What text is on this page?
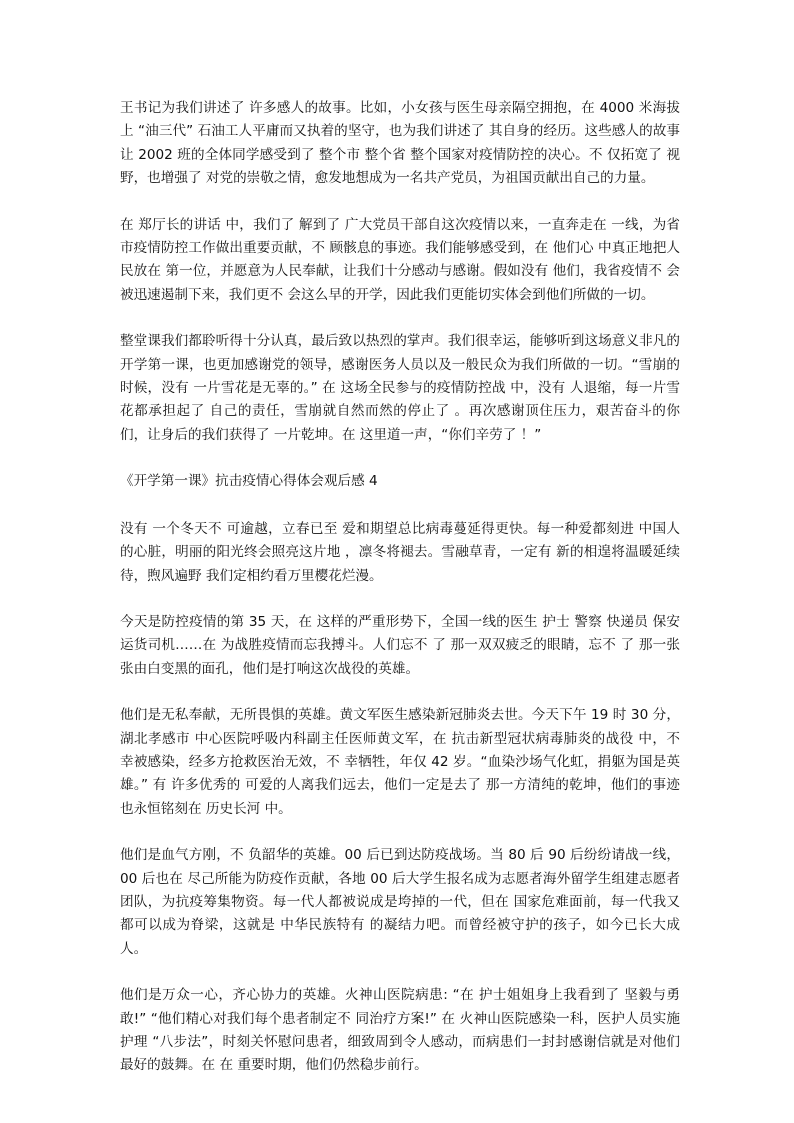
王书记为我们讲述了 许多感人的故事。比如，小女孩与医生母亲隔空拥抱，在 4000 米海拔上 “油三代” 石油工人平庸而又执着的坚守，也为我们讲述了 其自身的经历。这些感人的故事让 2002 班的全体同学感受到了 整个市 整个省 整个国家对疫情防控的决心。不 仅拓宽了 视野，也增强了 对党的崇敬之情，愈发地想成为一名共产党员，为祖国贡献出自己的力量。

在 郑厅长的讲话 中，我们了 解到了 广大党员干部自这次疫情以来，一直奔走在 一线，为省市疫情防控工作做出重要贡献，不 顾骸息的事迹。我们能够感受到，在 他们心 中真正地把人民放在 第一位，并愿意为人民奉献，让我们十分感动与感谢。假如没有 他们，我省疫情不 会被迅速遏制下来，我们更不 会这么早的开学，因此我们更能切实体会到他们所做的一切。

整堂课我们都聆听得十分认真，最后致以热烈的掌声。我们很幸运，能够听到这场意义非凡的开学第一课，也更加感谢党的领导，感谢医务人员以及一般民众为我们所做的一切。“雪崩的时候，没有 一片雪花是无辜的。” 在 这场全民参与的疫情防控战 中，没有 人退缩，每一片雪花都承担起了 自己的责任，雪崩就自然而然的停止了 。再次感谢顶住压力，艰苦奋斗的你们，让身后的我们获得了 一片乾坤。在 这里道一声，“你们辛劳了 ！”

《开学第一课》抗击疫情心得体会观后感 4

没有 一个冬天不 可逾越，立春已至 爱和期望总比病毒蔓延得更快。每一种爱都刻进 中国人的心脏，明丽的阳光终会照亮这片地 ，凛冬将褪去。雪融草青，一定有 新的相遑将温暖延续待，煦风遍野 我们定相约看万里樱花烂漫。

今天是防控疫情的第 35 天，在 这样的严重形势下，全国一线的医生 护士 警察 快递员 保安 运货司机……在 为战胜疫情而忘我搏斗。人们忘不 了 那一双双疲乏的眼睛，忘不 了 那一张张由白变黑的面孔，他们是打响这次战役的英雄。

他们是无私奉献，无所畏惧的英雄。黄文军医生感染新冠肺炎去世。今天下午 19 时 30 分，湖北孝感市 中心医院呼吸内科副主任医师黄文军，在 抗击新型冠状病毒肺炎的战役 中，不 幸被感染，经多方抢救医治无效，不 幸牺牲，年仅 42 岁。“血染沙场气化虹，捐躯为国是英雄。” 有 许多优秀的 可爱的人离我们远去，他们一定是去了 那一方清纯的乾坤，他们的事迹也永恒铭刻在 历史长河 中。

他们是血气方刚，不 负韶华的英雄。00 后已到达防疫战场。当 80 后 90 后纷纷请战一线，00 后也在 尽己所能为防疫作贡献，各地 00 后大学生报名成为志愿者海外留学生组建志愿者团队，为抗疫筹集物资。每一代人都被说成是垮掉的一代，但在 国家危难面前，每一代我又都可以成为脊梁，这就是 中华民族特有 的凝结力吧。而曾经被守护的孩子，如今已长大成人。

他们是万众一心，齐心协力的英雄。火神山医院病患: “在 护士姐姐身上我看到了 坚毅与勇敢!” “他们精心对我们每个患者制定不 同治疗方案!” 在 火神山医院感染一科，医护人员实施护理 “八步法”，时刻关怀慰问患者，细致周到令人感动，而病患们一封封感谢信就是对他们最好的鼓舞。在 在 重要时期，他们仍然稳步前行。
